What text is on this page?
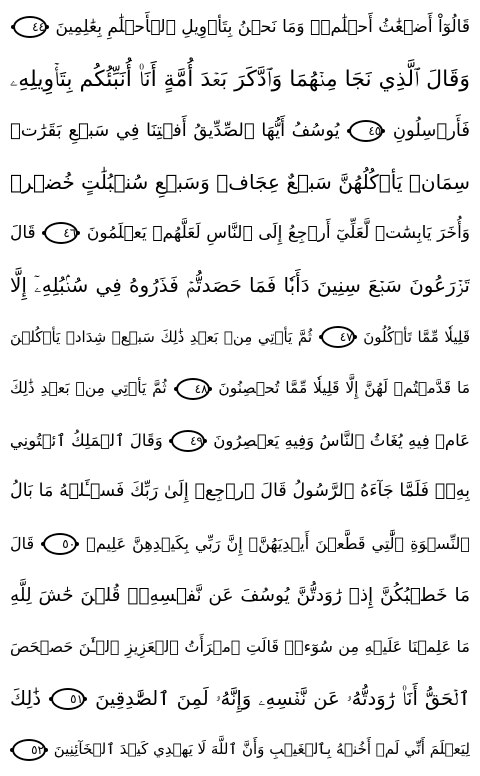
قَالُوٓاْ أَضۡغَٰثُ أَحۡلَٰمٖۖ وَمَا نَحۡنُ بِتَأۡوِيلِ ٱلۡأَحۡلَٰمِ بِعَٰلِمِينَ ٤٤
وَقَالَ ٱلَّذِي نَجَا مِنۡهُمَا وَٱدَّكَرَ بَعۡدَ أُمَّةٍ أَنَا۠ أُنَبِّئُكُم بِتَأۡوِيلِهِۦ
فَأَرۡسِلُونِ ٤٥ يُوسُفُ أَيُّهَا ٱلصِّدِّيقُ أَفۡتِنَا فِي سَبۡعِ بَقَرَٰتٖ
سِمَانٖ يَأۡكُلُهُنَّ سَبۡعٌ عِجَافٞ وَسَبۡعِ سُنۢبُلَٰتٍ خُضۡرٖ
وَأُخَرَ يَابِسَٰتٖ لَّعَلِّيٓ أَرۡجِعُ إِلَى ٱلنَّاسِ لَعَلَّهُمۡ يَعۡلَمُونَ ٤٦ قَالَ
تَزۡرَعُونَ سَبۡعَ سِنِينَ دَأَبٗا فَمَا حَصَدتُّمۡ فَذَرُوهُ فِي سُنۢبُلِهِۦٓ إِلَّا
قَلِيلٗا مِّمَّا تَأۡكُلُونَ ٤٧ ثُمَّ يَأۡتِي مِنۢ بَعۡدِ ذَٰلِكَ سَبۡعٞ شِدَادٞ يَأۡكُلۡنَ
مَا قَدَّمۡتُمۡ لَهُنَّ إِلَّا قَلِيلٗا مِّمَّا تُحۡصِنُونَ ٤٨ ثُمَّ يَأۡتِي مِنۢ بَعۡدِ ذَٰلِكَ
عَامٞ فِيهِ يُغَاثُ ٱلنَّاسُ وَفِيهِ يَعۡصِرُونَ ٤٩ وَقَالَ ٱلۡمَلِكُ ٱئۡتُونِي
بِهِۦۖ فَلَمَّا جَآءَهُ ٱلرَّسُولُ قَالَ ٱرۡجِعۡ إِلَىٰ رَبِّكَ فَسۡـَٔلۡهُ مَا بَالُ
ٱلنِّسۡوَةِ ٱلَّٰتِي قَطَّعۡنَ أَيۡدِيَهُنَّۚ إِنَّ رَبِّي بِكَيۡدِهِنَّ عَلِيمٞ ٥٠ قَالَ
مَا خَطۡبُكُنَّ إِذۡ رَٰوَدتُّنَّ يُوسُفَ عَن نَّفۡسِهِۦۚ قُلۡنَ حَٰشَ لِلَّهِ
مَا عَلِمۡنَا عَلَيۡهِ مِن سُوٓءٖۚ قَالَتِ ٱمۡرَأَتُ ٱلۡعَزِيزِ ٱلۡـَٰٔنَ حَصۡحَصَ
ٱلۡحَقُّ أَنَا۠ رَٰوَدتُّهُۥ عَن نَّفۡسِهِۦ وَإِنَّهُۥ لَمِنَ ٱلصَّٰدِقِينَ ٥١ ذَٰلِكَ
لِيَعۡلَمَ أَنِّي لَمۡ أَخُنۡهُ بِٱلۡغَيۡبِ وَأَنَّ ٱللَّهَ لَا يَهۡدِي كَيۡدَ ٱلۡخَآئِنِينَ ٥٢
